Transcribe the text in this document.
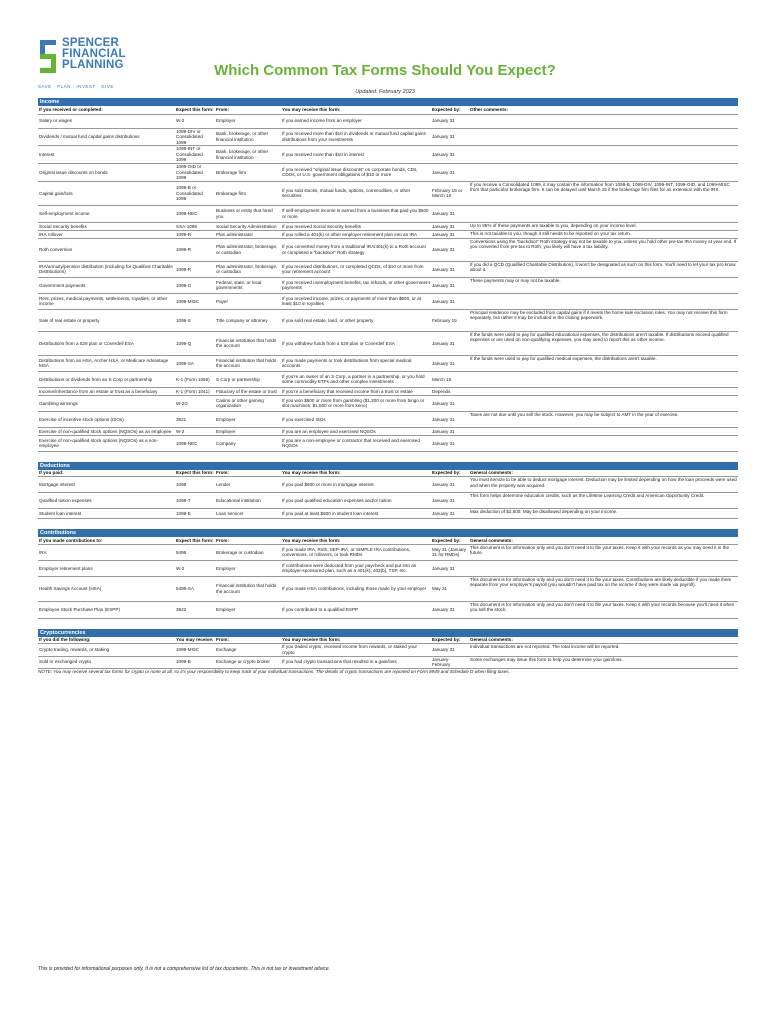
SPENCER
FINANCIAL
PLANNING
SAVE · PLAN · INVEST · GIVE
Which Common Tax Forms Should You Expect?
Updated: February 2023
Income
If you received or completed:	Expect this form:	From:	You may receive this form:	Expected by:	Other comments:
Salary or wages	W-2	Employer	If you earned income from an employer	January 31	
Dividends / mutual fund capital gains distributions	1099-DIV or Consolidated 1099	Bank, brokerage, or other financial institution	If you received more than $10 in dividends or mutual fund capital gains distributions from your investments	January 31	
Interest	1099-INT or Consolidated 1099	Bank, brokerage, or other financial institution	If you received more than $10 in interest	January 31	
Original issue discounts on bonds	1099-OID or Consolidated 1099	Brokerage firm	If you received "original issue discounts" on corporate bonds, CDs, CDOs, or U.S. government obligations of $10 or more	January 31	
Capital gain/loss	1099-B or Consolidated 1099	Brokerage firm	If you sold stocks, mutual funds, options, commodities, or other securities	February 15 or March 15	If you receive a Consolidated 1099, it may contain the information from 1099-B, 1099-DIV, 1099-INT, 1099-OID, and 1099-MISC from that particular brokerage firm. It can be delayed until March 15 if the brokerage firm files for an extension with the IRS.
Self-employment income	1099-NEC	Business or entity that hired you	If self-employment income is earned from a business that paid you $600 or more	January 31	
Social Security benefits	SSA-1099	Social Security Administration	If you received Social Security benefits	January 31	Up to 85% of these payments are taxable to you, depending on your income level.
IRA rollover	1099-R	Plan administrator	If you rolled a 401(k) or other employer retirement plan into an IRA	January 31	This is not taxable to you, though it still needs to be reported on your tax return.
Roth conversion	1099-R	Plan administrator, brokerage, or custodian	If you converted money from a traditional IRA/401(k) to a Roth account or completed a "backdoor" Roth strategy	January 31	Conversions using the "backdoor" Roth strategy may not be taxable to you, unless you hold other pre-tax IRA money at year end. If you converted from pre-tax to Roth, you likely will have a tax liability.
IRA/annuity/pension distribution (including for Qualified Charitable Distributions)	1099-R	Plan administrator, brokerage, or custodian	If you received distributions, or completed QCDs, of $10 or more from your retirement account	January 31	If you did a QCD (Qualified Charitable Distribution), it won't be designated as such on this form. You'll need to let your tax pro know about it.
Government payments	1099-G	Federal, state, or local governments	If you received unemployment benefits, tax refunds, or other government payments	January 31	These payments may or may not be taxable.
Rent, prizes, medical payments, settlements, royalties, or other income	1099-MISC	Payer	If you received income, prizes, or payments of more than $600, or at least $10 in royalties	January 31	
Sale of real estate or property	1099-S	Title company or attorney	If you sold real estate, land, or other property	February 15	Principal residence may be excluded from capital gains if it meets the home sale exclusion rules. You may not receive this form separately, but rather it may be included in the closing paperwork.
Distributions from a 529 plan or Coverdell ESA	1099-Q	Financial institution that holds the account	If you withdrew funds from a 529 plan or Coverdell ESA	January 31	If the funds were used to pay for qualified educational expenses, the distributions aren't taxable. If distributions exceed qualified expenses or are used on non-qualifying expenses, you may need to report this as other income.
Distributions from an HSA, Archer HSA, or Medicare Advantage MSA	1099-SA	Financial institution that holds the account	If you made payments or took distributions from special medical accounts	January 31	If the funds were used to pay for qualified medical expenses, the distributions aren't taxable.
Distributions or dividends from an S Corp or partnership	K-1 (Form 1065)	S Corp or partnership	If you're an owner of an S Corp, a partner in a partnership, or you hold some commodity ETFs and other complex investments	March 15	
Income/inheritance from an estate or trust as a beneficiary	K-1 (Form 1041)	Fiduciary of the estate or trust	If you're a beneficiary that received income from a trust or estate	Depends	
Gambling winnings	W-2G	Casino or other gaming organization	If you won $600 or more from gambling ($1,200 or more from bingo or slot machines; $1,500 or more from keno)	January 31	
Exercise of incentive stock options (ISOs)	3921	Employer	If you exercised ISOs	January 31	Taxes are not due until you sell the stock. However, you may be subject to AMT in the year of exercise.
Exercise of non-qualified stock options (NQSOs) as an employee	W-2	Employer	If you are an employee and exercised NQSOs	January 31	
Exercise of non-qualified stock options (NQSOs) as a non-employee	1099-NEC	Company	If you are a non-employee or contractor that received and exercised NQSOs	January 31	
Deductions
If you paid:	Expect this form:	From:	You may receive this form:	Expected by:	General comments:
Mortgage interest	1098	Lender	If you paid $600 or more in mortgage interest	January 31	You must itemize to be able to deduct mortgage interest. Deduction may be limited depending on how the loan proceeds were used and when the property was acquired.
Qualified tuition expenses	1098-T	Educational institution	If you paid qualified education expenses and/or tuition	January 31	This form helps determine education credits, such as the Lifetime Learning Credit and American Opportunity Credit.
Student loan interest	1098-E	Loan servicer	If you paid at least $600 in student loan interest	January 31	Max deduction of $2,500. May be disallowed depending on your income.
Contributions
If you made contributions to:	Expect this form:	From:	You may receive this form:	Expected by:	General comments:
IRA	5498	Brokerage or custodian	If you made IRA, Roth, SEP-IRA, or SIMPLE IRA contributions, conversions, or rollovers, or took RMDs	May 31 (January 31 for RMDs)	This document is for information only and you don't need it to file your taxes. Keep it with your records as you may need it in the future.
Employer retirement plans	W-2	Employer	If contributions were deducted from your paycheck and put into an employer-sponsored plan, such as a 401(k), 403(b), TSP, etc.	January 31	
Health Savings Account (HSA)	5498-SA	Financial institution that holds the account	If you made HSA contributions, including those made by your employer	May 31	This document is for information only and you don't need it to file your taxes. Contributions are likely deductible if you made them separate from your employer's payroll (you wouldn't have paid tax on the income if they were made via payroll).
Employee Stock Purchase Plan (ESPP)	3922	Employer	If you contributed to a qualified ESPP	January 31	This document is for information only and you don't need it to file your taxes. Keep it with your records because you'll need it when you sell the stock.
Cryptocurrencies
If you did the following:	You may receive:	From:	You may receive this form:	Expected by:	General comments:
Crypto trading, rewards, or staking	1099-MISC	Exchange	If you traded crypto, received income from rewards, or staked your crypto	January 31	Individual transactions are not reported. The total income will be reported.
Sold or exchanged crypto	1099-B	Exchange or crypto broker	If you had crypto transactions that resulted in a gain/loss	January-February	Some exchanges may issue this form to help you determine your gain/loss.
NOTE: You may receive several tax forms for crypto or none at all, so it's your responsibility to keep track of your individual transactions. The details of crypto transactions are reported on Form 8949 and Schedule D when filing taxes.
This is provided for informational purposes only. It is not a comprehensive list of tax documents. This is not tax or investment advice.
